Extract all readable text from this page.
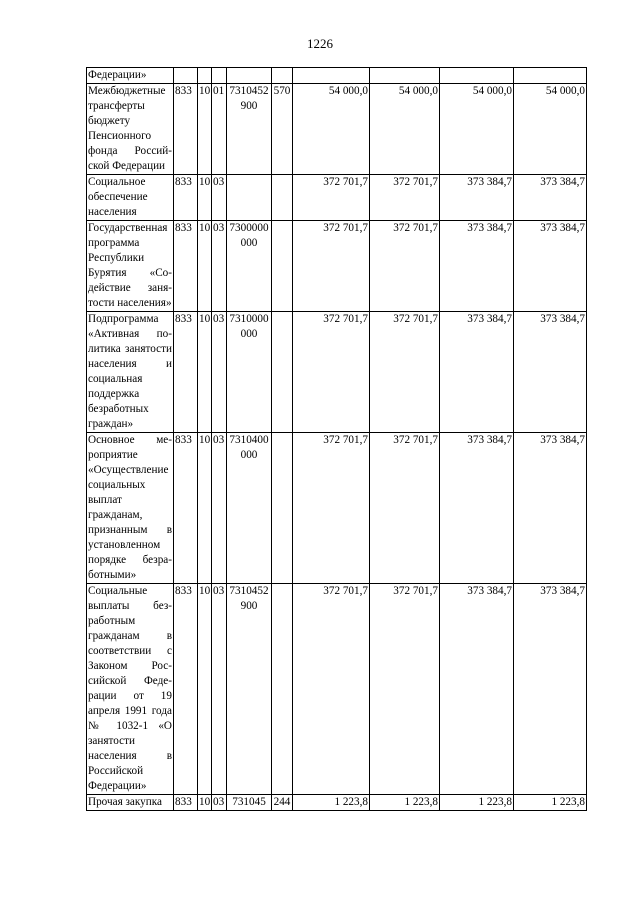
1226
Федерации»									
Межбюджетные трансферты бюджету Пенсионного фонда Российской Федерации	833	10	01	7310452900	570	54 000,0	54 000,0	54 000,0	54 000,0
Социальное обеспечение населения	833	10	03			372 701,7	372 701,7	373 384,7	373 384,7
Государственная программа Республики Бурятия «Содействие занятости населения»	833	10	03	7300000000		372 701,7	372 701,7	373 384,7	373 384,7
Подпрограмма «Активная политика занятости населения и социальная поддержка безработных граждан»	833	10	03	7310000000		372 701,7	372 701,7	373 384,7	373 384,7
Основное мероприятие «Осуществление социальных выплат гражданам, признанным в установленном порядке безработными»	833	10	03	7310400000		372 701,7	372 701,7	373 384,7	373 384,7
Социальные выплаты безработным гражданам в соответствии с Законом Российской Федерации от 19 апреля 1991 года № 1032-1 «О занятости населения в Российской Федерации»	833	10	03	7310452900		372 701,7	372 701,7	373 384,7	373 384,7
Прочая закупка	833	10	03	731045	244	1 223,8	1 223,8	1 223,8	1 223,8
